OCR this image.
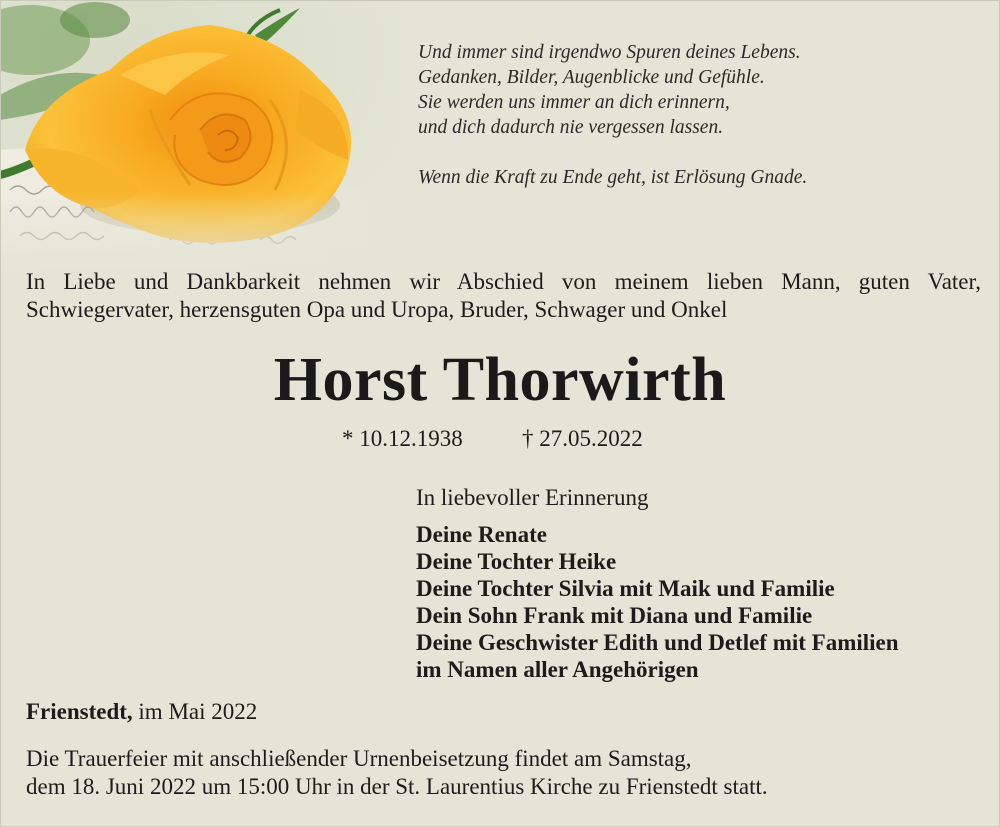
Und immer sind irgendwo Spuren deines Lebens.
Gedanken, Bilder, Augenblicke und Gefühle.
Sie werden uns immer an dich erinnern,
und dich dadurch nie vergessen lassen.
Wenn die Kraft zu Ende geht, ist Erlösung Gnade.
In Liebe und Dankbarkeit nehmen wir Abschied von meinem lieben Mann, guten Vater,
Schwiegervater, herzensguten Opa und Uropa, Bruder, Schwager und Onkel
Horst Thorwirth
* 10.12.1938	† 27.05.2022
In liebevoller Erinnerung
Deine Renate
Deine Tochter Heike
Deine Tochter Silvia mit Maik und Familie
Dein Sohn Frank mit Diana und Familie
Deine Geschwister Edith und Detlef mit Familien
im Namen aller Angehörigen
Frienstedt, im Mai 2022
Die Trauerfeier mit anschließender Urnenbeisetzung findet am Samstag,
dem 18. Juni 2022 um 15:00 Uhr in der St. Laurentius Kirche zu Frienstedt statt.
